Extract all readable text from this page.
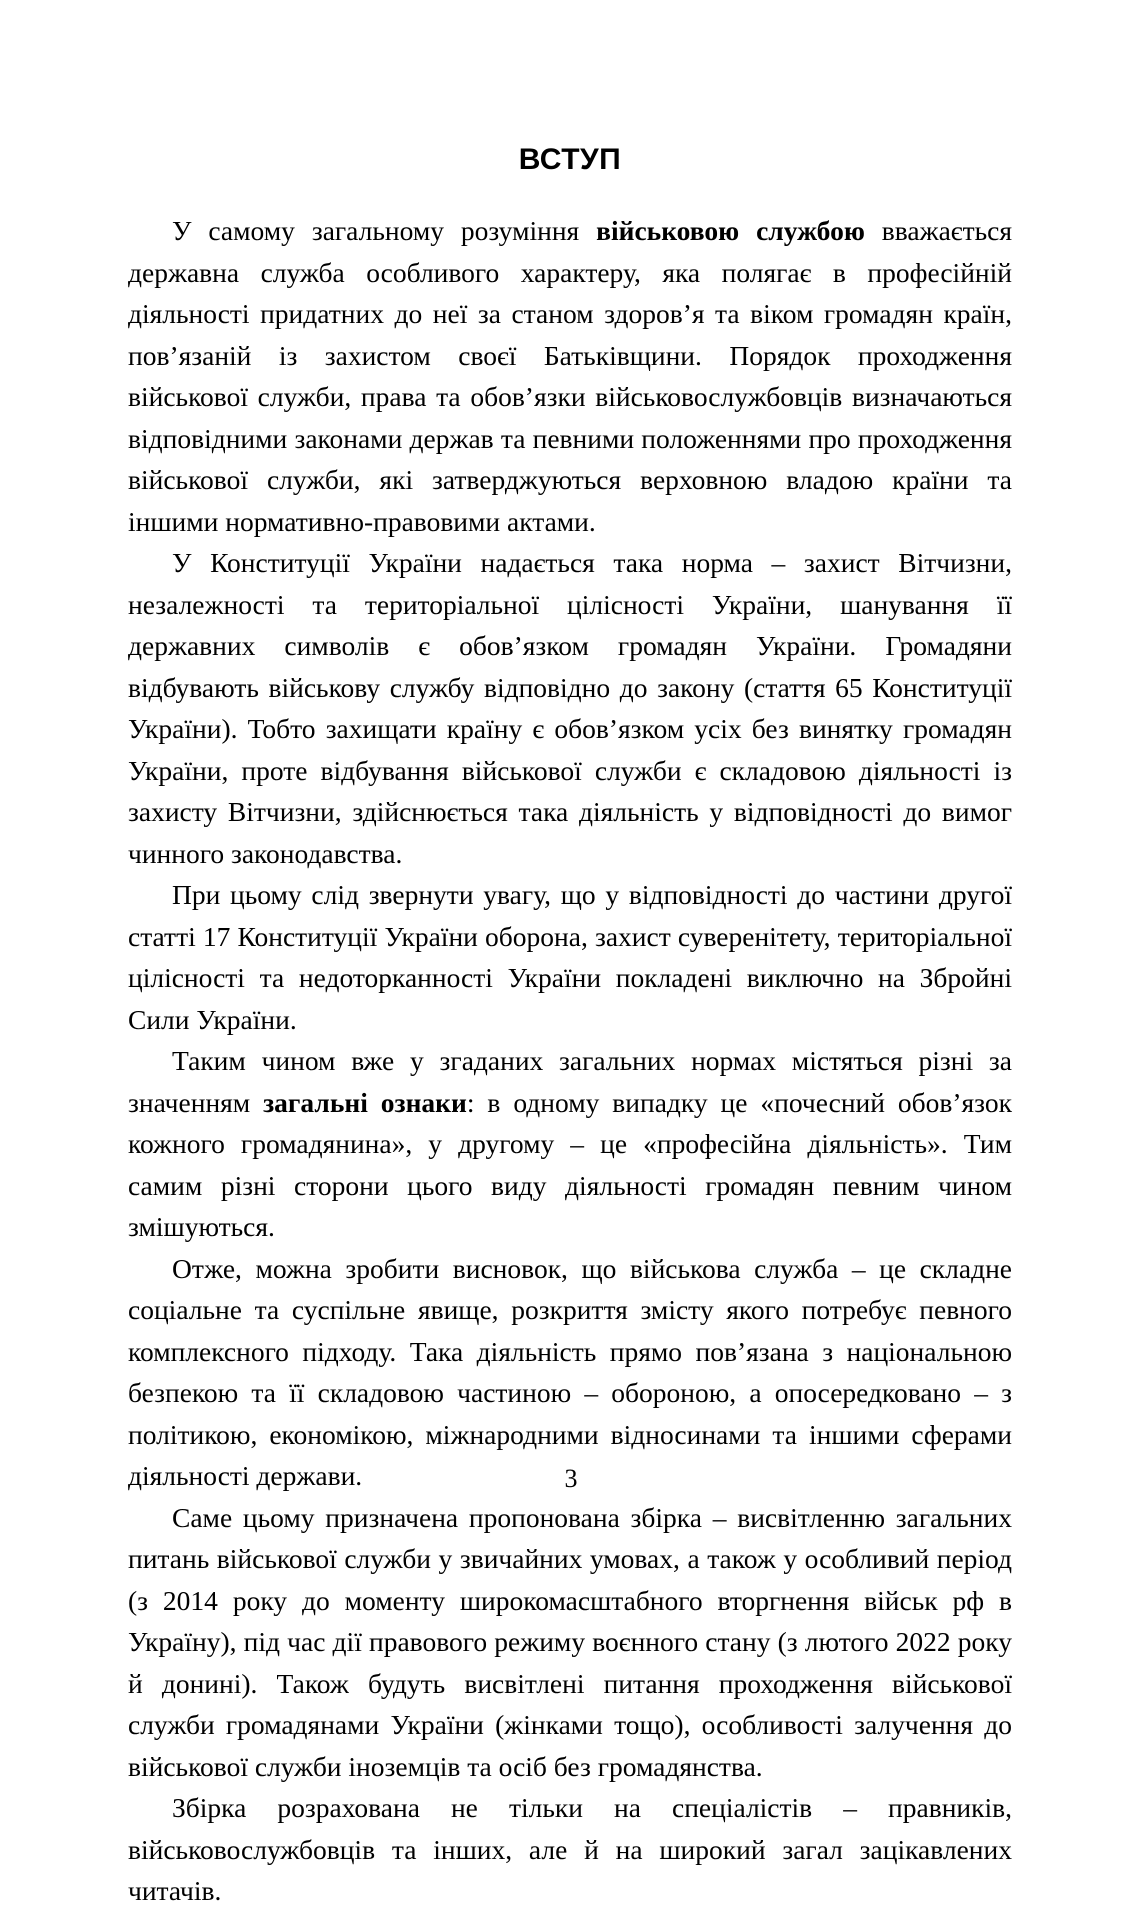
ВСТУП

У самому загальному розуміння військовою службою вважається державна служба особливого характеру, яка полягає в професійній діяльності придатних до неї за станом здоров’я та віком громадян країн, пов’язаній із захистом своєї Батьківщини. Порядок проходження військової служби, права та обов’язки військовослужбовців визначаються відповідними законами держав та певними положеннями про проходження військової служби, які затверджуються верховною владою країни та іншими нормативно-правовими актами.

У Конституції України надається така норма – захист Вітчизни, незалежності та територіальної цілісності України, шанування її державних символів є обов’язком громадян України. Громадяни відбувають військову службу відповідно до закону (стаття 65 Конституції України). Тобто захищати країну є обов’язком усіх без винятку громадян України, проте відбування військової служби є складовою діяльності із захисту Вітчизни, здійснюється така діяльність у відповідності до вимог чинного законодавства.

При цьому слід звернути увагу, що у відповідності до частини другої статті 17 Конституції України оборона, захист суверенітету, територіальної цілісності та недоторканності України покладені виключно на Збройні Сили України.

Таким чином вже у згаданих загальних нормах містяться різні за значенням загальні ознаки: в одному випадку це «почесний обов’язок кожного громадянина», у другому – це «професійна діяльність». Тим самим різні сторони цього виду діяльності громадян певним чином змішуються.

Отже, можна зробити висновок, що військова служба – це складне соціальне та суспільне явище, розкриття змісту якого потребує певного комплексного підходу. Така діяльність прямо пов’язана з національною безпекою та її складовою частиною – обороною, а опосередковано – з політикою, економікою, міжнародними відносинами та іншими сферами діяльності держави.

Саме цьому призначена пропонована збірка – висвітленню загальних питань військової служби у звичайних умовах, а також у особливий період (з 2014 року до моменту широкомасштабного вторгнення військ рф в Україну), під час дії правового режиму воєнного стану (з лютого 2022 року й донині). Також будуть висвітлені питання проходження військової служби громадянами України (жінками тощо), особливості залучення до військової служби іноземців та осіб без громадянства.

Збірка розрахована не тільки на спеціалістів – правників, військовослужбовців та інших, але й на широкий загал зацікавлених читачів.

3
